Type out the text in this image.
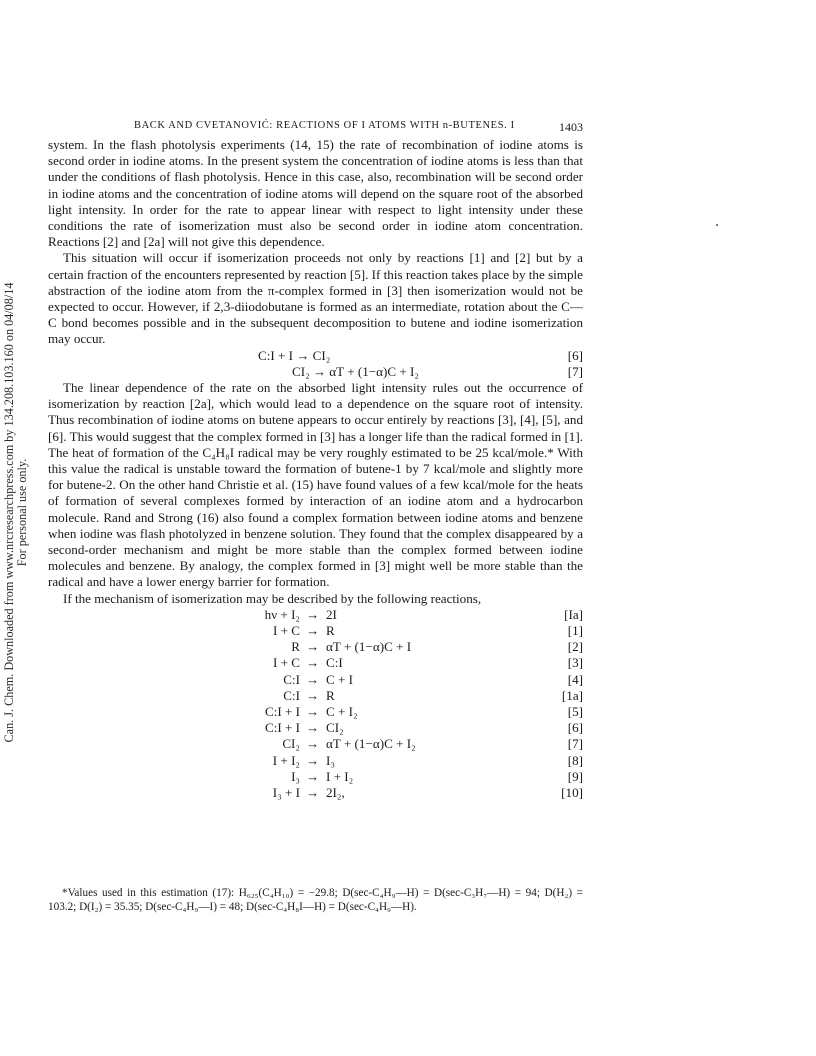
BACK AND CVETANOVIĆ: REACTIONS OF I ATOMS WITH n-BUTENES. I	1403

system. In the flash photolysis experiments (14, 15) the rate of recombination of iodine atoms is second order in iodine atoms. In the present system the concentration of iodine atoms is less than that under the conditions of flash photolysis. Hence in this case, also, recombination will be second order in iodine atoms and the concentration of iodine atoms will depend on the square root of the absorbed light intensity. In order for the rate to appear linear with respect to light intensity under these conditions the rate of isomerization must also be second order in iodine atom concentration. Reactions [2] and [2a] will not give this dependence.

This situation will occur if isomerization proceeds not only by reactions [1] and [2] but by a certain fraction of the encounters represented by reaction [5]. If this reaction takes place by the simple abstraction of the iodine atom from the π-complex formed in [3] then isomerization would not be expected to occur. However, if 2,3-diiodobutane is formed as an intermediate, rotation about the C—C bond becomes possible and in the subsequent decomposition to butene and iodine isomerization may occur.

C:I + I → CI₂	[6]
CI₂ → αT + (1−α)C + I₂	[7]

The linear dependence of the rate on the absorbed light intensity rules out the occurrence of isomerization by reaction [2a], which would lead to a dependence on the square root of intensity. Thus recombination of iodine atoms on butene appears to occur entirely by reactions [3], [4], [5], and [6]. This would suggest that the complex formed in [3] has a longer life than the radical formed in [1]. The heat of formation of the C₄H₈I radical may be very roughly estimated to be 25 kcal/mole.* With this value the radical is unstable toward the formation of butene-1 by 7 kcal/mole and slightly more for butene-2. On the other hand Christie et al. (15) have found values of a few kcal/mole for the heats of formation of several complexes formed by interaction of an iodine atom and a hydrocarbon molecule. Rand and Strong (16) also found a complex formation between iodine atoms and benzene when iodine was flash photolyzed in benzene solution. They found that the complex disappeared by a second-order mechanism and might be more stable than the complex formed between iodine molecules and benzene. By analogy, the complex formed in [3] might well be more stable than the radical and have a lower energy barrier for formation.

If the mechanism of isomerization may be described by the following reactions,

hν + I₂ → 2I	[Ia]
I + C → R	[1]
R → αT + (1−α)C + I	[2]
I + C → C:I	[3]
C:I → C + I	[4]
C:I → R	[1a]
C:I + I → C + I₂	[5]
C:I + I → CI₂	[6]
CI₂ → αT + (1−α)C + I₂	[7]
I + I₂ → I₃	[8]
I₃ → I + I₂	[9]
I₃ + I → 2I₂,	[10]

*Values used in this estimation (17): H₆₂₅(C₄H₁₀) = −29.8; D(sec-C₄H₉—H) = D(sec-C₃H₇—H) = 94; D(H₂) = 103.2; D(I₂) = 35.35; D(sec-C₄H₉—I) = 48; D(sec-C₄H₈I—H) = D(sec-C₄H₉—H).

Can. J. Chem. Downloaded from www.nrcresearchpress.com by 134.208.103.160 on 04/08/14 For personal use only.
